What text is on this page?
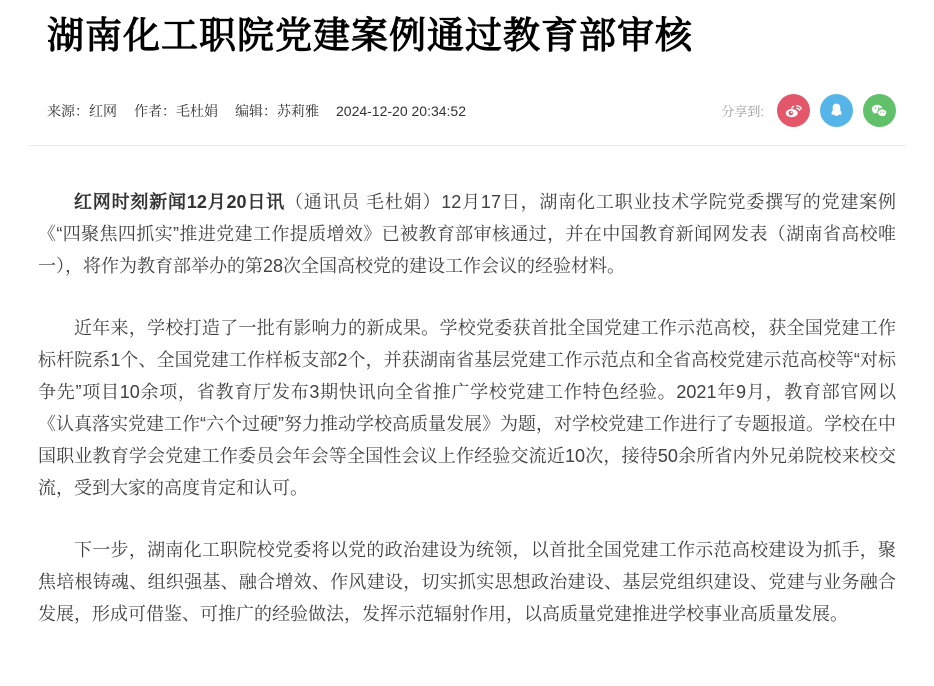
湖南化工职院党建案例通过教育部审核
来源：红网 作者：毛杜娟 编辑：苏莉雅 2024-12-20 20:34:52	分享到:

红网时刻新闻12月20日讯（通讯员 毛杜娟）12月17日，湖南化工职业技术学院党委撰写的党建案例《“四聚焦四抓实”推进党建工作提质增效》已被教育部审核通过，并在中国教育新闻网发表（湖南省高校唯一），将作为教育部举办的第28次全国高校党的建设工作会议的经验材料。

近年来，学校打造了一批有影响力的新成果。学校党委获首批全国党建工作示范高校，获全国党建工作标杆院系1个、全国党建工作样板支部2个，并获湖南省基层党建工作示范点和全省高校党建示范高校等“对标争先”项目10余项，省教育厅发布3期快讯向全省推广学校党建工作特色经验。2021年9月，教育部官网以《认真落实党建工作“六个过硬”努力推动学校高质量发展》为题，对学校党建工作进行了专题报道。学校在中国职业教育学会党建工作委员会年会等全国性会议上作经验交流近10次，接待50余所省内外兄弟院校来校交流，受到大家的高度肯定和认可。

下一步，湖南化工职院校党委将以党的政治建设为统领，以首批全国党建工作示范高校建设为抓手，聚焦培根铸魂、组织强基、融合增效、作风建设，切实抓实思想政治建设、基层党组织建设、党建与业务融合发展，形成可借鉴、可推广的经验做法，发挥示范辐射作用，以高质量党建推进学校事业高质量发展。
